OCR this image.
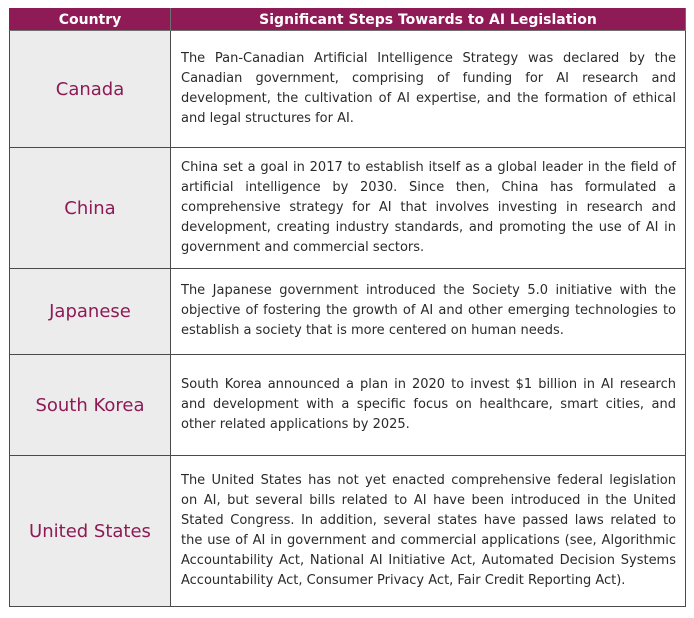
Country	Significant Steps Towards to AI Legislation
Canada	The Pan-Canadian Artificial Intelligence Strategy was declared by the Canadian government, comprising of funding for AI research and development, the cultivation of AI expertise, and the formation of ethical and legal structures for AI.
China	China set a goal in 2017 to establish itself as a global leader in the field of artificial intelligence by 2030. Since then, China has formulated a comprehensive strategy for AI that involves investing in research and development, creating industry standards, and promoting the use of AI in government and commercial sectors.
Japanese	The Japanese government introduced the Society 5.0 initiative with the objective of fostering the growth of AI and other emerging technologies to establish a society that is more centered on human needs.
South Korea	South Korea announced a plan in 2020 to invest $1 billion in AI research and development with a specific focus on healthcare, smart cities, and other related applications by 2025.
United States	The United States has not yet enacted comprehensive federal legislation on AI, but several bills related to AI have been introduced in the United Stated Congress. In addition, several states have passed laws related to the use of AI in government and commercial applications (see, Algorithmic Accountability Act, National AI Initiative Act, Automated Decision Systems Accountability Act, Consumer Privacy Act, Fair Credit Reporting Act).
